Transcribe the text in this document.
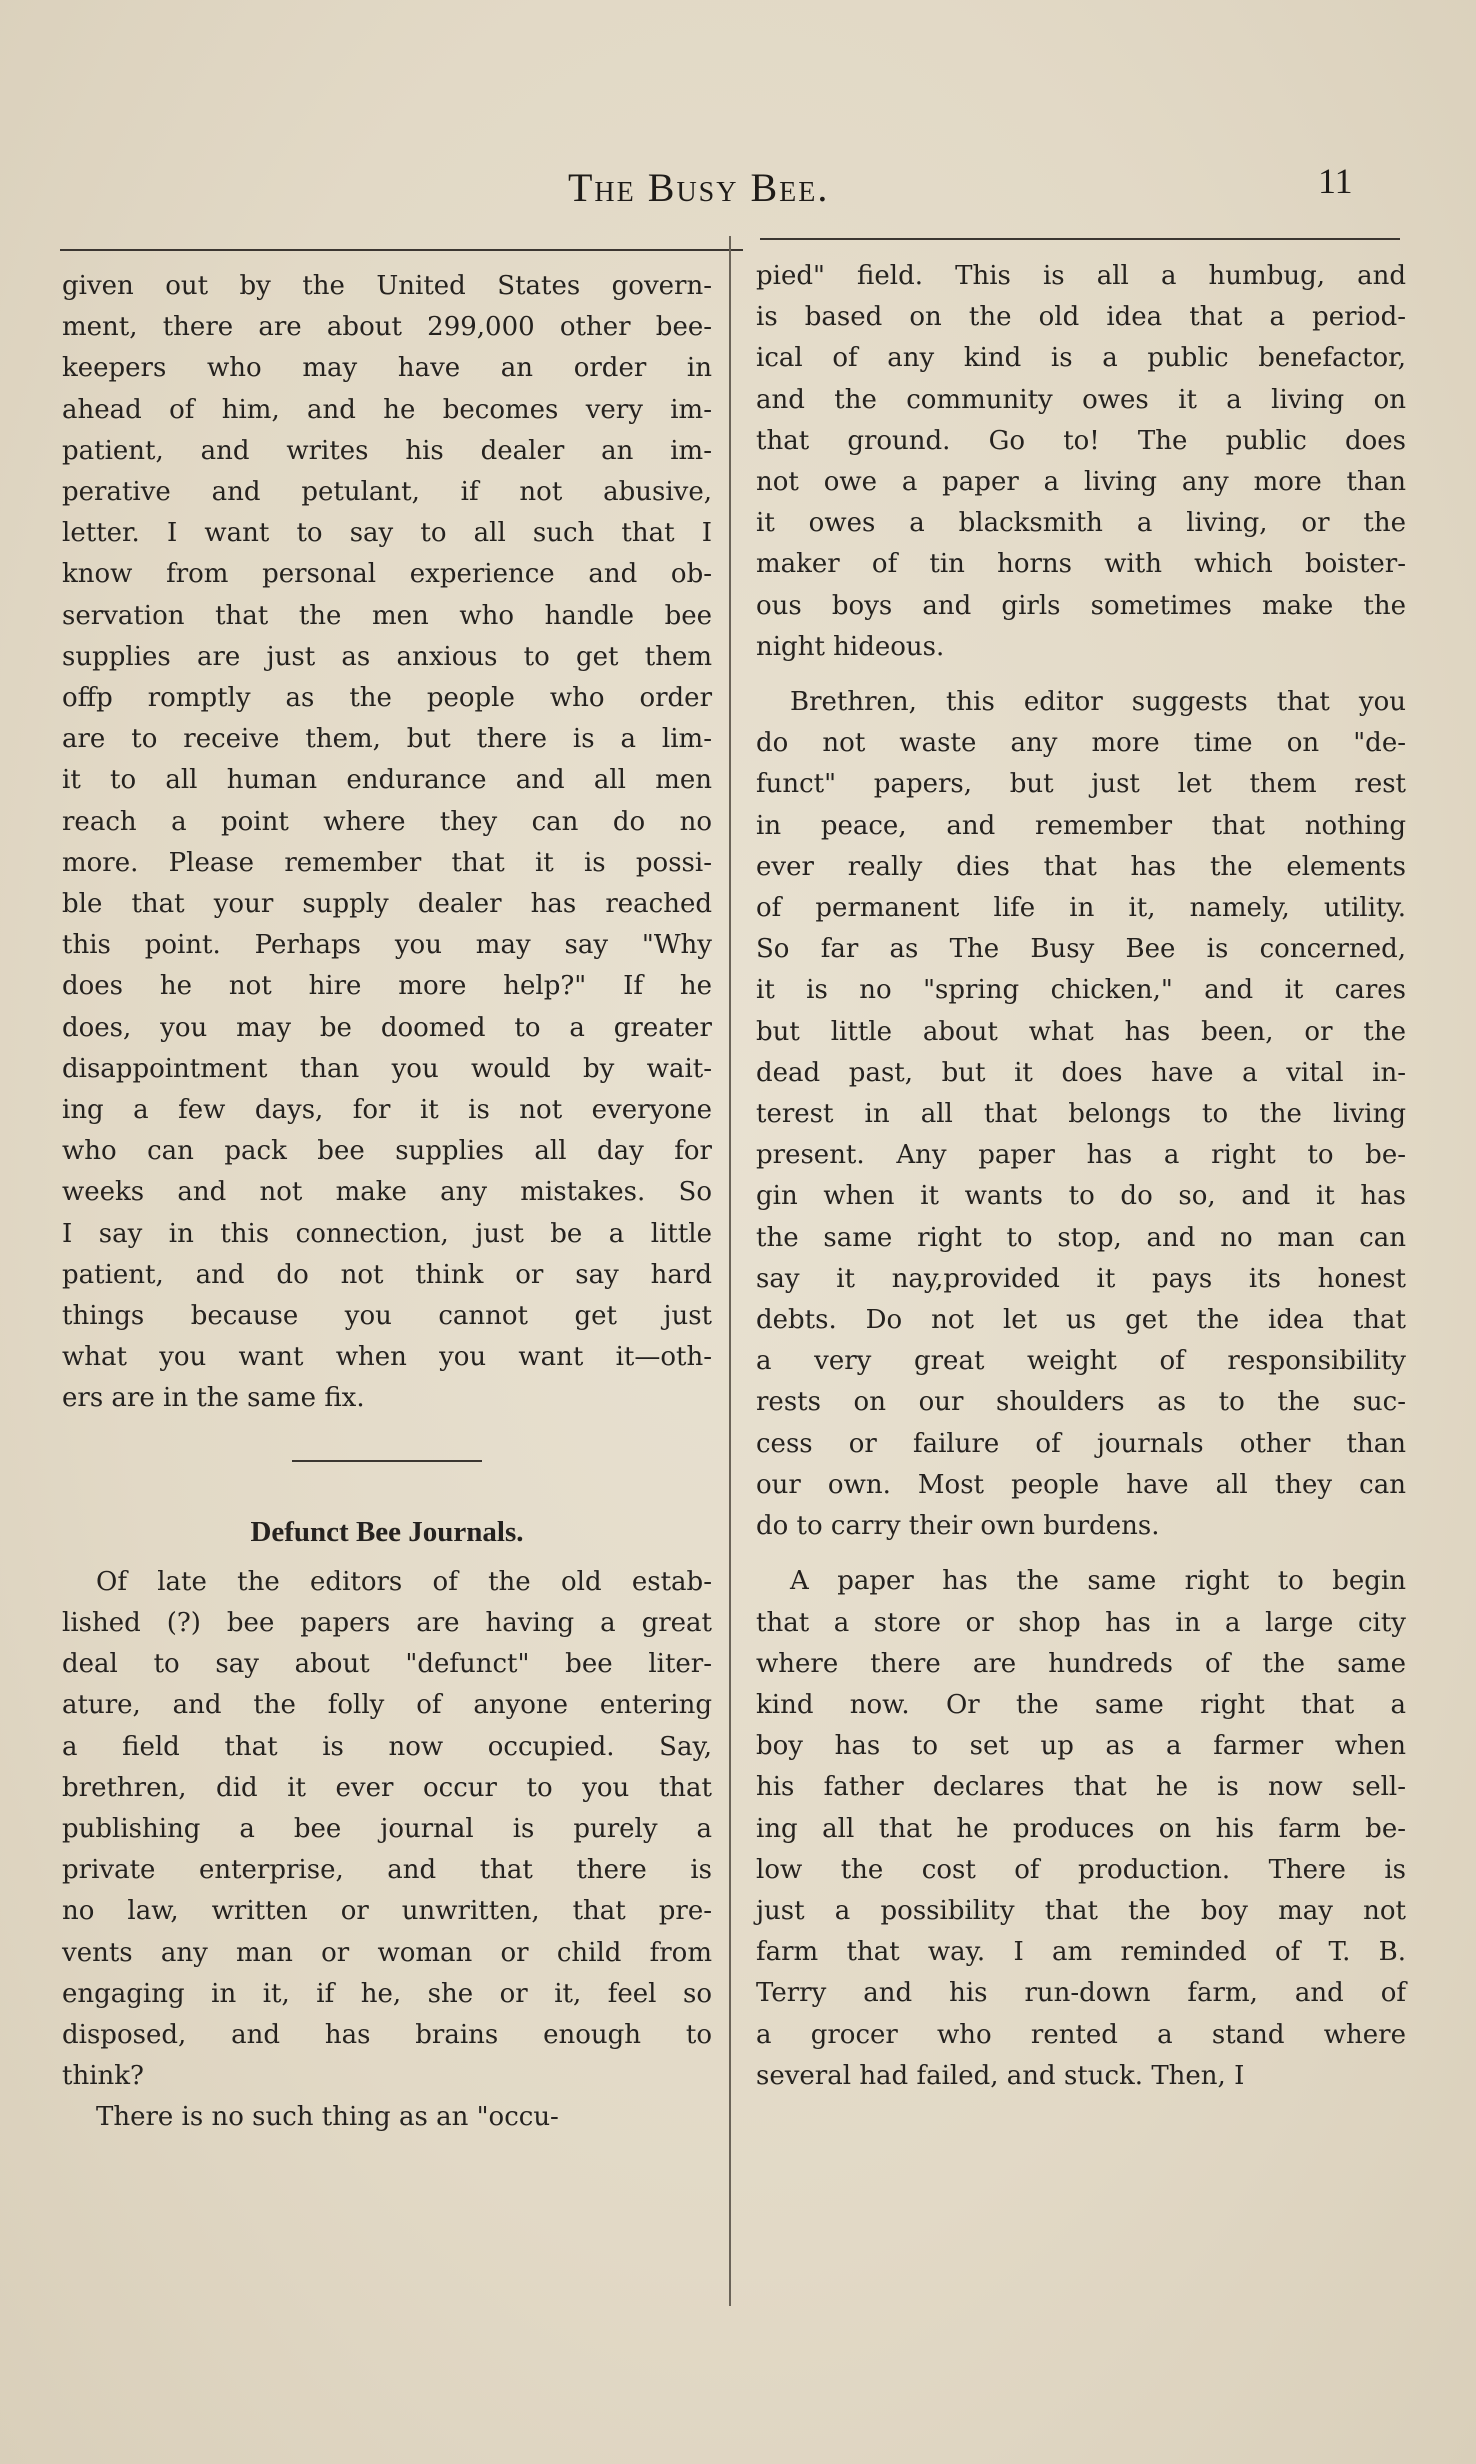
The Busy Bee.	11
given out by the United States govern-
ment, there are about 299,000 other bee-
keepers who may have an order in
ahead of him, and he becomes very im-
patient, and writes his dealer an im-
perative and petulant, if not abusive,
letter. I want to say to all such that I
know from personal experience and ob-
servation that the men who handle bee
supplies are just as anxious to get them
offp romptly as the people who order
are to receive them, but there is a lim-
it to all human endurance and all men
reach a point where they can do no
more. Please remember that it is possi-
ble that your supply dealer has reached
this point. Perhaps you may say "Why
does he not hire more help?" If he
does, you may be doomed to a greater
disappointment than you would by wait-
ing a few days, for it is not everyone
who can pack bee supplies all day for
weeks and not make any mistakes. So
I say in this connection, just be a little
patient, and do not think or say hard
things because you cannot get just
what you want when you want it—oth-
ers are in the same fix.
Defunct Bee Journals.
Of late the editors of the old estab-
lished (?) bee papers are having a great
deal to say about "defunct" bee liter-
ature, and the folly of anyone entering
a field that is now occupied. Say,
brethren, did it ever occur to you that
publishing a bee journal is purely a
private enterprise, and that there is
no law, written or unwritten, that pre-
vents any man or woman or child from
engaging in it, if he, she or it, feel so
disposed, and has brains enough to
think?
There is no such thing as an "occu-
pied" field. This is all a humbug, and
is based on the old idea that a period-
ical of any kind is a public benefactor,
and the community owes it a living on
that ground. Go to! The public does
not owe a paper a living any more than
it owes a blacksmith a living, or the
maker of tin horns with which boister-
ous boys and girls sometimes make the
night hideous.
Brethren, this editor suggests that you
do not waste any more time on "de-
funct" papers, but just let them rest
in peace, and remember that nothing
ever really dies that has the elements
of permanent life in it, namely, utility.
So far as The Busy Bee is concerned,
it is no "spring chicken," and it cares
but little about what has been, or the
dead past, but it does have a vital in-
terest in all that belongs to the living
present. Any paper has a right to be-
gin when it wants to do so, and it has
the same right to stop, and no man can
say it nay,provided it pays its honest
debts. Do not let us get the idea that
a very great weight of responsibility
rests on our shoulders as to the suc-
cess or failure of journals other than
our own. Most people have all they can
do to carry their own burdens.
A paper has the same right to begin
that a store or shop has in a large city
where there are hundreds of the same
kind now. Or the same right that a
boy has to set up as a farmer when
his father declares that he is now sell-
ing all that he produces on his farm be-
low the cost of production. There is
just a possibility that the boy may not
farm that way. I am reminded of T. B.
Terry and his run-down farm, and of
a grocer who rented a stand where
several had failed, and stuck. Then, I
